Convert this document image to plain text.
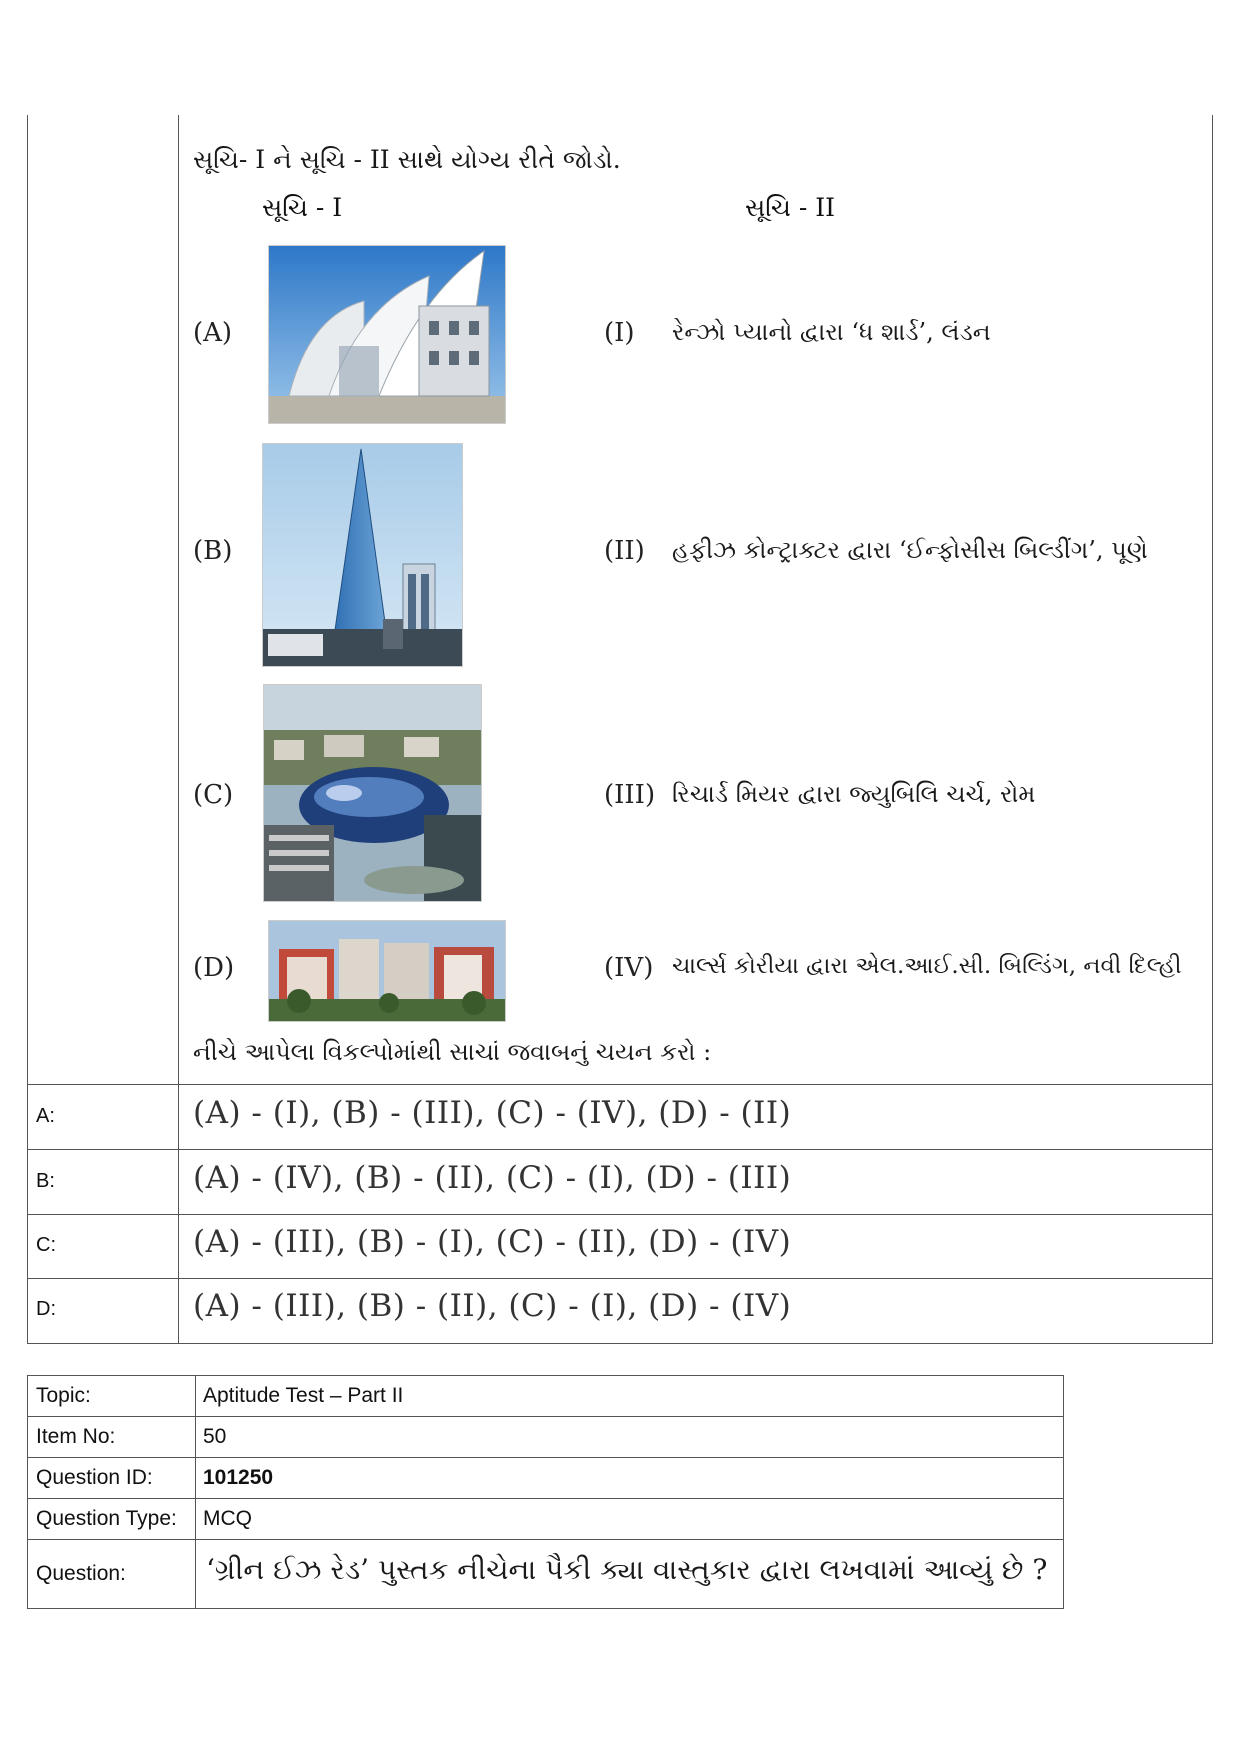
સૂચિ- I ને સૂચિ - II સાથે યોગ્ય રીતે જોડો.
સૂચિ - I	સૂચિ - II
(A)	(I) રેન્ઝો પ્યાનો દ્વારા ‘ધ શાર્ડ’, લંડન
(B)	(II) હફીઝ કોન્ટ્રાક્ટર દ્વારા ‘ઈન્ફોસીસ બિલ્ડીંગ’, પૂણે
(C)	(III) રિચાર્ડ મિયર દ્વારા જ્યુબિલિ ચર્ચ, રોમ
(D)	(IV) ચાર્લ્સ કોરીયા દ્વારા એલ.આઈ.સી. બિલ્ડિંગ, નવી દિલ્હી
નીચે આપેલા વિકલ્પોમાંથી સાચાં જવાબનું ચયન કરો :
A:	(A) - (I), (B) - (III), (C) - (IV), (D) - (II)
B:	(A) - (IV), (B) - (II), (C) - (I), (D) - (III)
C:	(A) - (III), (B) - (I), (C) - (II), (D) - (IV)
D:	(A) - (III), (B) - (II), (C) - (I), (D) - (IV)
Topic:	Aptitude Test – Part II
Item No:	50
Question ID: 101250
Question Type: MCQ
Question:	‘ગ્રીન ઈઝ રેડ’ પુસ્તક નીચેના પૈકી ક્યા વાસ્તુકાર દ્વારા લખવામાં આવ્યું છે ?
